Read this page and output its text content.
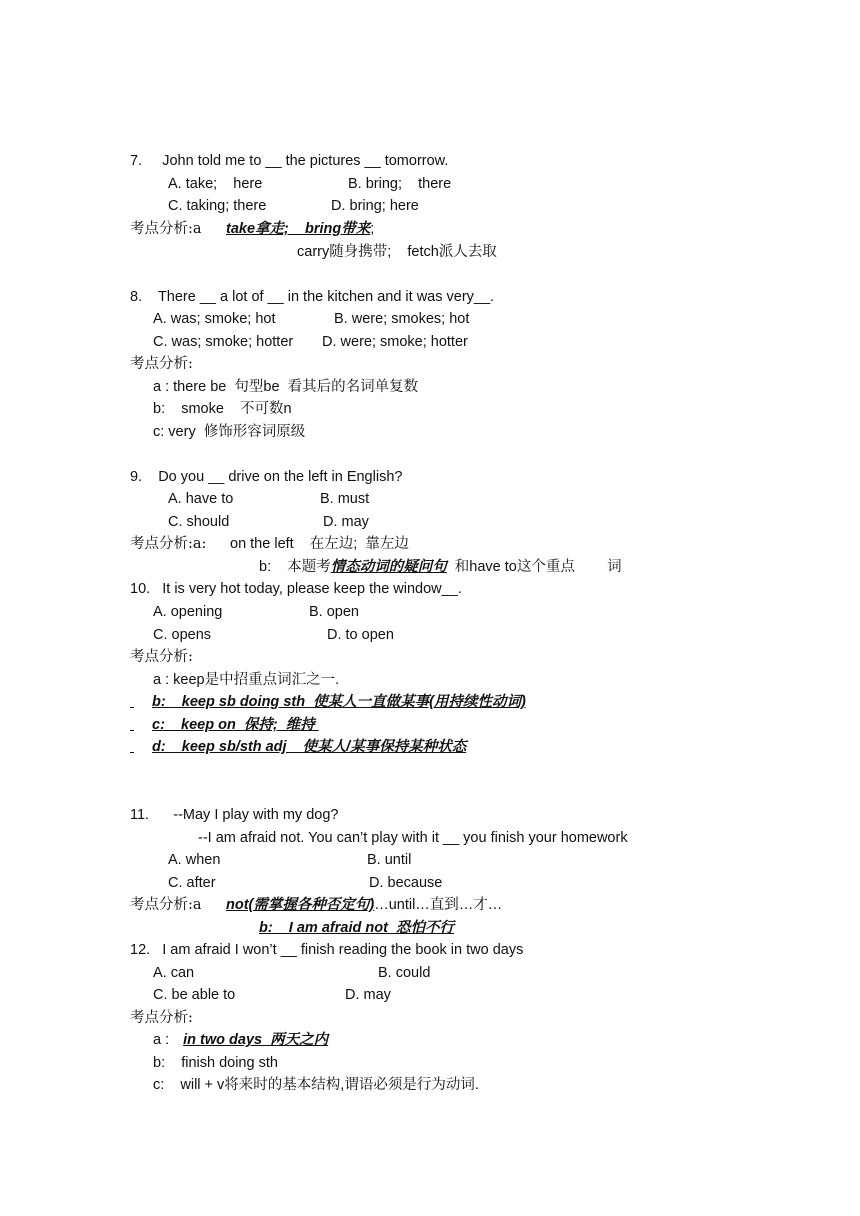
7.     John told me to __ the pictures __ tomorrow.
A. take;    here	B. bring;    there
C. taking; there	D. bring; here
考点分析:a take拿走;    bring带来;
carry随身携带;    fetch派人去取
8.    There __ a lot of __ in the kitchen and it was very__.
A. was; smoke; hot	B. were; smokes; hot
C. was; smoke; hotter D. were; smoke; hotter
考点分析:
a : there be  句型be  看其后的名词单复数
b:    smoke    不可数n
c: very  修饰形容词原级
9.    Do you __ drive on the left in English?
A. have to	B. must
C. should	D. may
考点分析:a: on the left    在左边;  靠左边
b:    本题考情态动词的疑问句  和have to这个重点        词
10.   It is very hot today, please keep the window__.
A. opening	B. open
C. opens	D. to open
考点分析:
a : keep是中招重点词汇之一.
b:    keep sb doing sth  使某人一直做某事(用持续性动词)
c:    keep on  保持;  维持
d:    keep sb/sth adj    使某人/某事保持某种状态
11.      --May I play with my dog?
--I am afraid not. You can’t play with it __ you finish your homework
A. when	B. until
C. after	D. because
考点分析:a not(需掌握各种否定句)…until…直到…才…
b:    I am afraid not  恐怕不行
12.   I am afraid I won’t __ finish reading the book in two days
A. can	B. could
C. be able to	D. may
考点分析:
a : in two days  两天之内
b:    finish doing sth
c:    will + v将来时的基本结构,谓语必须是行为动词.
